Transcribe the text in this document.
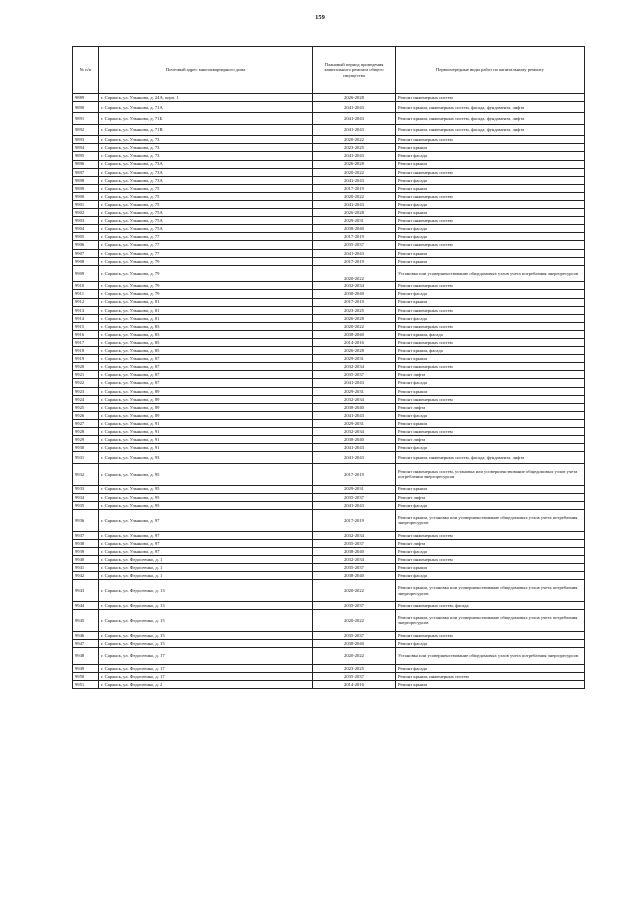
159
№ п/п	Почтовый адрес многоквартирного дома	Плановый период проведения капитального ремонта общего имущества	Первоочередные виды работ по капитальному ремонту
9889	г. Саранск, ул. Ульянова, д. 24А, корп. 1	2026-2028	Ремонт инженерных систем
9890	г. Саранск, ул. Ульянова, д. 71А	2041-2043	Ремонт крыши, инженерных систем, фасада, фундамента, лифта
9891	г. Саранск, ул. Ульянова, д. 71Б	2041-2043	Ремонт крыши, инженерных систем, фасада, фундамента, лифта
9892	г. Саранск, ул. Ульянова, д. 71В	2041-2043	Ремонт крыши, инженерных систем, фасада, фундамента, лифта
9893	г. Саранск, ул. Ульянова, д. 73	2020-2022	Ремонт инженерных систем
9894	г. Саранск, ул. Ульянова, д. 73	2023-2025	Ремонт крыши
9895	г. Саранск, ул. Ульянова, д. 73	2041-2043	Ремонт фасада
9896	г. Саранск, ул. Ульянова, д. 73А	2026-2028	Ремонт крыши
9897	г. Саранск, ул. Ульянова, д. 73А	2020-2022	Ремонт инженерных систем
9898	г. Саранск, ул. Ульянова, д. 73А	2041-2043	Ремонт фасада
9899	г. Саранск, ул. Ульянова, д. 75	2017-2019	Ремонт крыши
9900	г. Саранск, ул. Ульянова, д. 75	2020-2022	Ремонт инженерных систем
9901	г. Саранск, ул. Ульянова, д. 75	2041-2043	Ремонт фасада
9902	г. Саранск, ул. Ульянова, д. 75А	2026-2028	Ремонт крыши
9903	г. Саранск, ул. Ульянова, д. 75А	2029-2031	Ремонт инженерных систем
9904	г. Саранск, ул. Ульянова, д. 75А	2038-2040	Ремонт фасада
9905	г. Саранск, ул. Ульянова, д. 77	2017-2019	Ремонт фасада
9906	г. Саранск, ул. Ульянова, д. 77	2035-2037	Ремонт инженерных систем
9907	г. Саранск, ул. Ульянова, д. 77	2041-2043	Ремонт крыши
9908	г. Саранск, ул. Ульянова, д. 79	2017-2019	Ремонт крыши
9909	г. Саранск, ул. Ульянова, д. 79	2020-2022	Установка или усовершенствование общедомовых узлов учета потребления энергоресурсов
9910	г. Саранск, ул. Ульянова, д. 79	2032-2034	Ремонт инженерных систем
9911	г. Саранск, ул. Ульянова, д. 79	2038-2040	Ремонт фасада
9912	г. Саранск, ул. Ульянова, д. 81	2017-2019	Ремонт крыши
9913	г. Саранск, ул. Ульянова, д. 81	2023-2025	Ремонт инженерных систем
9914	г. Саранск, ул. Ульянова, д. 81	2026-2028	Ремонт фасада
9915	г. Саранск, ул. Ульянова, д. 83	2020-2022	Ремонт инженерных систем
9916	г. Саранск, ул. Ульянова, д. 83	2038-2040	Ремонт крыши, фасада
9917	г. Саранск, ул. Ульянова, д. 85	2014-2016	Ремонт инженерных систем
9918	г. Саранск, ул. Ульянова, д. 85	2026-2028	Ремонт крыши, фасада
9919	г. Саранск, ул. Ульянова, д. 87	2029-2031	Ремонт крыши
9920	г. Саранск, ул. Ульянова, д. 87	2032-2034	Ремонт инженерных систем
9921	г. Саранск, ул. Ульянова, д. 87	2035-2037	Ремонт лифта
9922	г. Саранск, ул. Ульянова, д. 87	2041-2043	Ремонт фасада
9923	г. Саранск, ул. Ульянова, д. 89	2029-2031	Ремонт крыши
9924	г. Саранск, ул. Ульянова, д. 89	2032-2034	Ремонт инженерных систем
9925	г. Саранск, ул. Ульянова, д. 89	2038-2040	Ремонт лифта
9926	г. Саранск, ул. Ульянова, д. 89	2041-2043	Ремонт фасада
9927	г. Саранск, ул. Ульянова, д. 91	2029-2031	Ремонт крыши
9928	г. Саранск, ул. Ульянова, д. 91	2032-2034	Ремонт инженерных систем
9929	г. Саранск, ул. Ульянова, д. 91	2038-2040	Ремонт лифта
9930	г. Саранск, ул. Ульянова, д. 91	2041-2043	Ремонт фасада
9931	г. Саранск, ул. Ульянова, д. 93	2041-2043	Ремонт крыши, инженерных систем, фасада, фундамента, лифта
9932	г. Саранск, ул. Ульянова, д. 95	2017-2019	Ремонт инженерных систем, установка или усовершенствование общедомовых узлов учета потребления энергоресурсов
9933	г. Саранск, ул. Ульянова, д. 95	2029-2031	Ремонт крыши
9934	г. Саранск, ул. Ульянова, д. 95	2035-2037	Ремонт лифта
9935	г. Саранск, ул. Ульянова, д. 95	2041-2043	Ремонт фасада
9936	г. Саранск, ул. Ульянова, д. 97	2017-2019	Ремонт крыши, установка или усовершенствование общедомовых узлов учета потребления энергоресурсов
9937	г. Саранск, ул. Ульянова, д. 97	2032-2034	Ремонт инженерных систем
9938	г. Саранск, ул. Ульянова, д. 97	2035-2037	Ремонт лифта
9939	г. Саранск, ул. Ульянова, д. 97	2038-2040	Ремонт фасада
9940	г. Саранск, ул. Федосеенко, д. 1	2032-2034	Ремонт инженерных систем
9941	г. Саранск, ул. Федосеенко, д. 1	2035-2037	Ремонт крыши
9942	г. Саранск, ул. Федосеенко, д. 1	2038-2040	Ремонт фасада
9943	г. Саранск, ул. Федосеенко, д. 13	2020-2022	Ремонт крыши, установка или усовершенствование общедомовых узлов учета потребления энергоресурсов
9944	г. Саранск, ул. Федосеенко, д. 13	2035-2037	Ремонт инженерных систем, фасада
9945	г. Саранск, ул. Федосеенко, д. 15	2020-2022	Ремонт крыши, установка или усовершенствование общедомовых узлов учета потребления энергоресурсов
9946	г. Саранск, ул. Федосеенко, д. 15	2035-2037	Ремонт инженерных систем
9947	г. Саранск, ул. Федосеенко, д. 15	2038-2040	Ремонт фасада
9948	г. Саранск, ул. Федосеенко, д. 17	2020-2022	Установка или усовершенствование общедомовых узлов учета потребления энергоресурсов
9949	г. Саранск, ул. Федосеенко, д. 17	2023-2025	Ремонт фасада
9950	г. Саранск, ул. Федосеенко, д. 17	2035-2037	Ремонт крыши, инженерных систем
9951	г. Саранск, ул. Федосеенко, д. 2	2014-2016	Ремонт крыши
